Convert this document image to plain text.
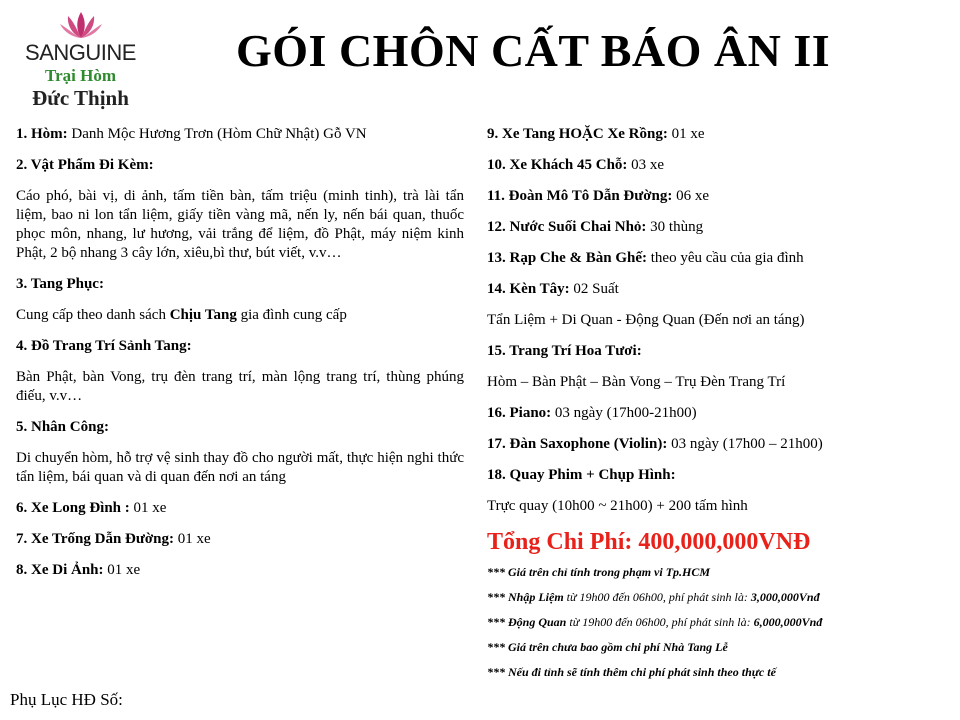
SANGUINE
Trại Hòm
Đức Thịnh
GÓI CHÔN CẤT BÁO ÂN II

1. Hòm: Danh Mộc Hương Trơn (Hòm Chữ Nhật) Gỗ VN

2. Vật Phẩm Đi Kèm:

Cáo phó, bài vị, di ảnh, tấm tiền bàn, tấm triệu (minh tinh), trà lài tẩn liệm, bao ni lon tẩn liệm, giấy tiền vàng mã, nến ly, nến bái quan, thuốc phọc môn, nhang, lư hương, vải trắng để liệm, đồ Phật, máy niệm kinh Phật, 2 bộ nhang 3 cây lớn, xiêu,bì thư, bút viết, v.v…

3. Tang Phục:

Cung cấp theo danh sách Chịu Tang gia đình cung cấp

4. Đồ Trang Trí Sảnh Tang:

Bàn Phật, bàn Vong, trụ đèn trang trí, màn lộng trang trí, thùng phúng điếu, v.v…

5. Nhân Công:

Di chuyển hòm, hỗ trợ vệ sinh thay đồ cho người mất, thực hiện nghi thức tẩn liệm, bái quan và di quan đến nơi an táng

6. Xe Long Đình : 01 xe

7. Xe Trống Dẫn Đường: 01 xe

8. Xe Di Ảnh: 01 xe

9. Xe Tang HOẶC Xe Rồng: 01 xe

10. Xe Khách 45 Chỗ: 03 xe

11. Đoàn Mô Tô Dẫn Đường: 06 xe

12. Nước Suối Chai Nhỏ: 30 thùng

13. Rạp Che & Bàn Ghế: theo yêu cầu của gia đình

14. Kèn Tây: 02 Suất

Tẩn Liệm + Di Quan - Động Quan (Đến nơi an táng)

15. Trang Trí Hoa Tươi:

Hòm – Bàn Phật – Bàn Vong – Trụ Đèn Trang Trí

16. Piano: 03 ngày (17h00-21h00)

17. Đàn Saxophone (Violin): 03 ngày (17h00 – 21h00)

18. Quay Phim + Chụp Hình:

Trực quay (10h00 ~ 21h00) + 200 tấm hình

Tổng Chi Phí: 400,000,000VNĐ

*** Giá trên chỉ tính trong phạm vi Tp.HCM

*** Nhập Liệm từ 19h00 đến 06h00, phí phát sinh là: 3,000,000Vnđ

*** Động Quan từ 19h00 đến 06h00, phí phát sinh là: 6,000,000Vnđ

*** Giá trên chưa bao gồm chi phí Nhà Tang Lễ

*** Nếu đi tỉnh sẽ tính thêm chi phí phát sinh theo thực tế

Phụ Lục HĐ Số:
